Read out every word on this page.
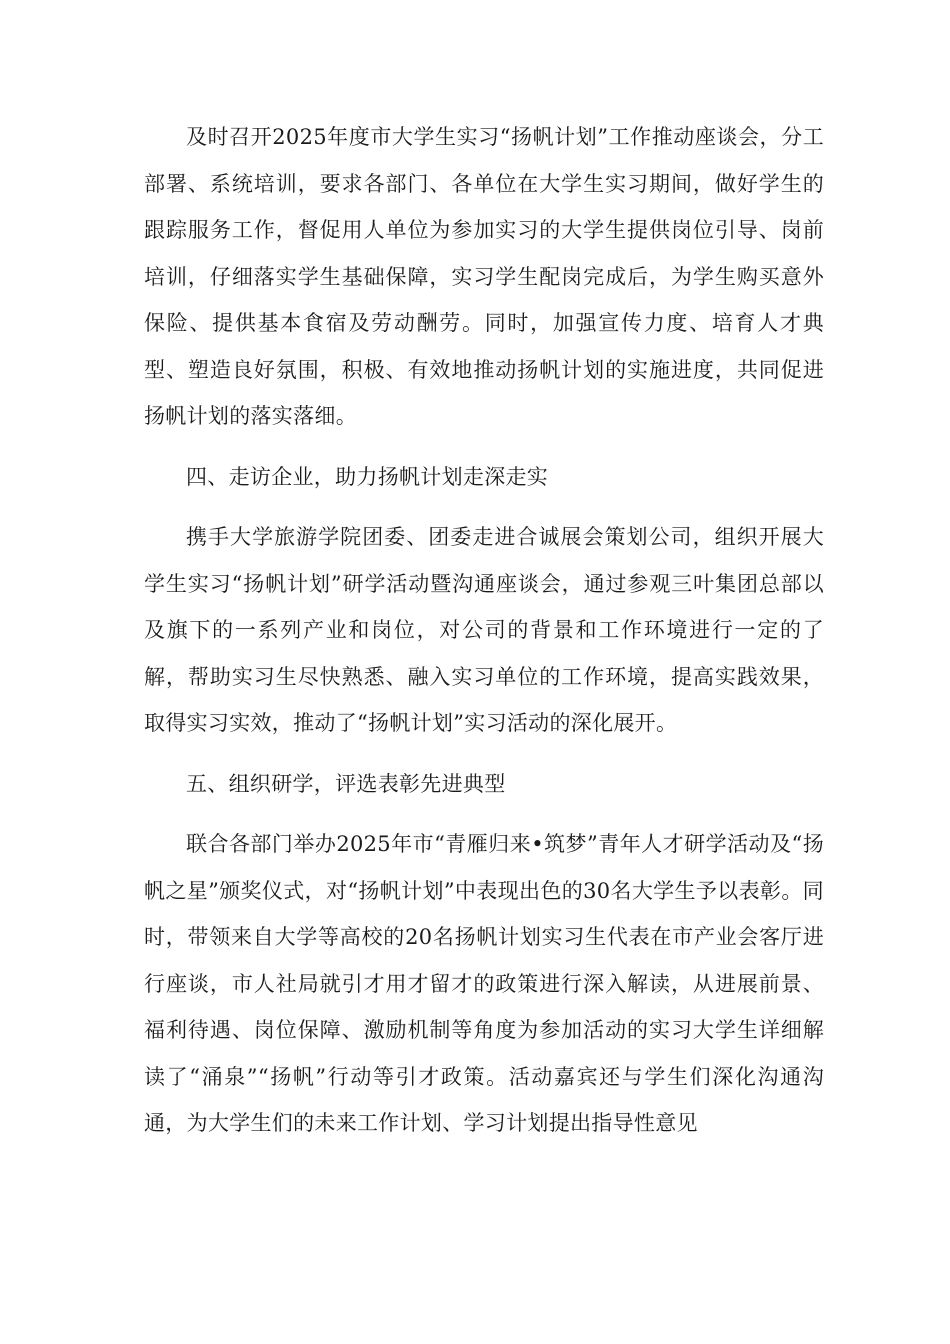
及时召开2025年度市大学生实习“扬帆计划”工作推动座谈会，分工部署、系统培训，要求各部门、各单位在大学生实习期间，做好学生的跟踪服务工作，督促用人单位为参加实习的大学生提供岗位引导、岗前培训，仔细落实学生基础保障，实习学生配岗完成后，为学生购买意外保险、提供基本食宿及劳动酬劳。同时，加强宣传力度、培育人才典型、塑造良好氛围，积极、有效地推动扬帆计划的实施进度，共同促进扬帆计划的落实落细。

四、走访企业，助力扬帆计划走深走实

携手大学旅游学院团委、团委走进合诚展会策划公司，组织开展大学生实习“扬帆计划”研学活动暨沟通座谈会，通过参观三叶集团总部以及旗下的一系列产业和岗位，对公司的背景和工作环境进行一定的了解，帮助实习生尽快熟悉、融入实习单位的工作环境，提高实践效果，取得实习实效，推动了“扬帆计划”实习活动的深化展开。

五、组织研学，评选表彰先进典型

联合各部门举办2025年市“青雁归来•筑梦”青年人才研学活动及“扬帆之星”颁奖仪式，对“扬帆计划”中表现出色的30名大学生予以表彰。同时，带领来自大学等高校的20名扬帆计划实习生代表在市产业会客厅进行座谈，市人社局就引才用才留才的政策进行深入解读，从进展前景、福利待遇、岗位保障、激励机制等角度为参加活动的实习大学生详细解读了“涌泉”“扬帆”行动等引才政策。活动嘉宾还与学生们深化沟通沟通，为大学生们的未来工作计划、学习计划提出指导性意见
